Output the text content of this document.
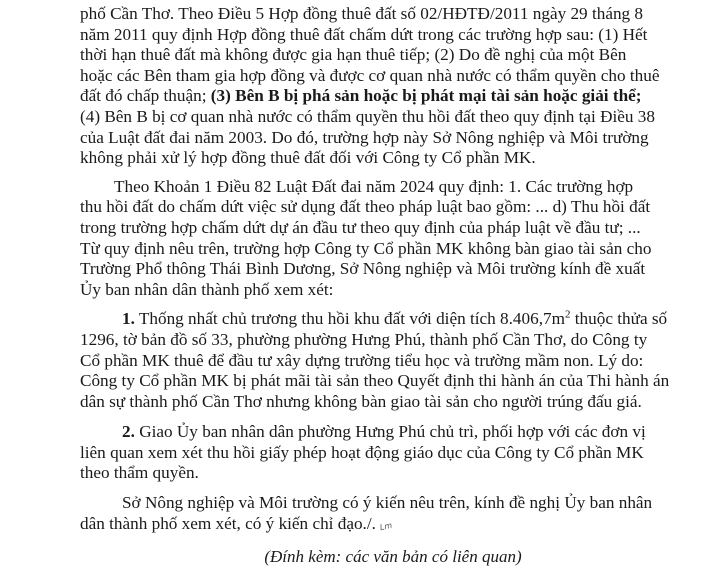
phố Cần Thơ. Theo Điều 5 Hợp đồng thuê đất số 02/HĐTĐ/2011 ngày 29 tháng 8
năm 2011 quy định Hợp đồng thuê đất chấm dứt trong các trường hợp sau: (1) Hết
thời hạn thuê đất mà không được gia hạn thuê tiếp; (2) Do đề nghị của một Bên
hoặc các Bên tham gia hợp đồng và được cơ quan nhà nước có thẩm quyền cho thuê
đất đó chấp thuận; (3) Bên B bị phá sản hoặc bị phát mại tài sản hoặc giải thể;
(4) Bên B bị cơ quan nhà nước có thẩm quyền thu hồi đất theo quy định tại Điều 38
của Luật đất đai năm 2003. Do đó, trường hợp này Sở Nông nghiệp và Môi trường
không phải xử lý hợp đồng thuê đất đối với Công ty Cổ phần MK.

Theo Khoản 1 Điều 82 Luật Đất đai năm 2024 quy định: 1. Các trường hợp
thu hồi đất do chấm dứt việc sử dụng đất theo pháp luật bao gồm: ... d) Thu hồi đất
trong trường hợp chấm dứt dự án đầu tư theo quy định của pháp luật về đầu tư; ...
Từ quy định nêu trên, trường hợp Công ty Cổ phần MK không bàn giao tài sản cho
Trường Phổ thông Thái Bình Dương, Sở Nông nghiệp và Môi trường kính đề xuất
Ủy ban nhân dân thành phố xem xét:

1. Thống nhất chủ trương thu hồi khu đất với diện tích $8.406,7m^2$ thuộc thửa số
1296, tờ bản đồ số 33, phường phường Hưng Phú, thành phố Cần Thơ, do Công ty
Cổ phần MK thuê để đầu tư xây dựng trường tiểu học và trường mầm non. Lý do:
Công ty Cổ phần MK bị phát mãi tài sản theo Quyết định thi hành án của Thi hành án
dân sự thành phố Cần Thơ nhưng không bàn giao tài sản cho người trúng đấu giá.

2. Giao Ủy ban nhân dân phường Hưng Phú chủ trì, phối hợp với các đơn vị
liên quan xem xét thu hồi giấy phép hoạt động giáo dục của Công ty Cổ phần MK
theo thẩm quyền.

Sở Nông nghiệp và Môi trường có ý kiến nêu trên, kính đề nghị Ủy ban nhân
dân thành phố xem xét, có ý kiến chỉ đạo./. Lm

(Đính kèm: các văn bản có liên quan)
